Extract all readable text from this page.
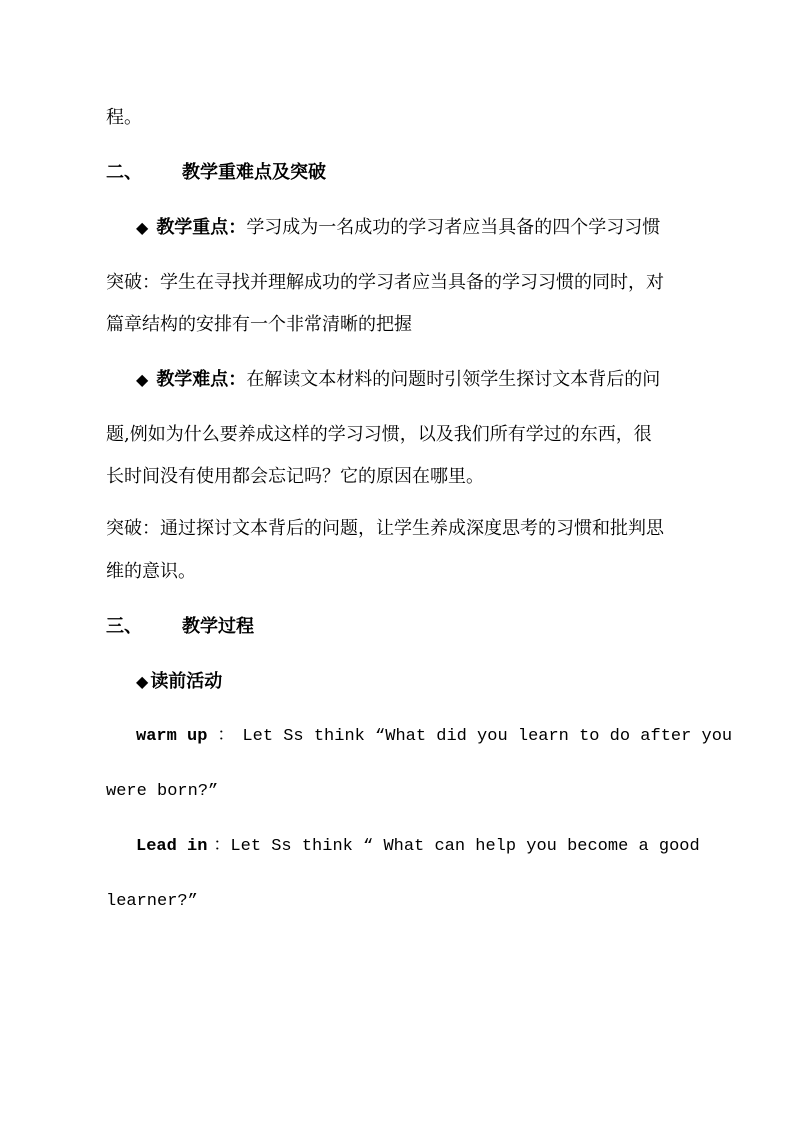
程。
二、 教学重难点及突破
◆ 教学重点：学习成为一名成功的学习者应当具备的四个学习习惯
突破：学生在寻找并理解成功的学习者应当具备的学习习惯的同时，对
篇章结构的安排有一个非常清晰的把握
◆ 教学难点：在解读文本材料的问题时引领学生探讨文本背后的问
题,例如为什么要养成这样的学习习惯，以及我们所有学过的东西，很
长时间没有使用都会忘记吗？它的原因在哪里。
突破：通过探讨文本背后的问题，让学生养成深度思考的习惯和批判思
维的意识。
三、 教学过程
◆ 读前活动
warm up ： Let Ss think “What did you learn to do after you
were born?”
Lead in ：Let Ss think “ What can help you become a good
learner?”
